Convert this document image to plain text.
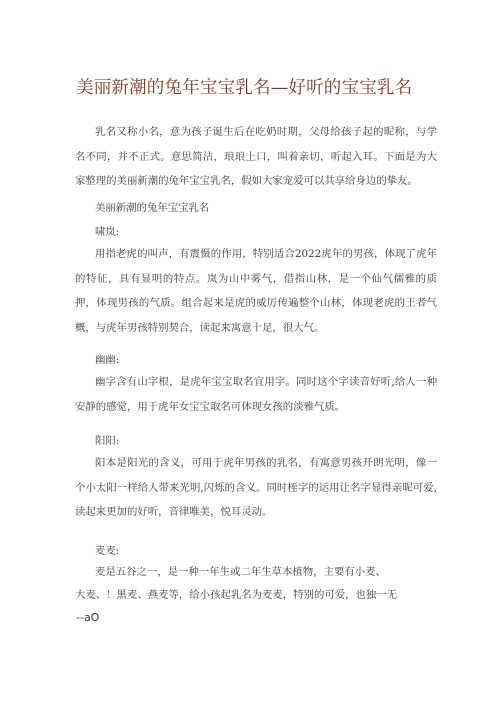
美丽新潮的兔年宝宝乳名—好听的宝宝乳名

乳名又称小名，意为孩子诞生后在吃奶时期，父母给孩子起的昵称，与学名不同，并不正式。意思简洁，琅琅上口，叫着亲切，听起入耳。下面是为大家整理的美丽新潮的兔年宝宝乳名，假如大家宠爱可以共享给身边的挚友。

美丽新潮的兔年宝宝乳名

啸岚:

用指老虎的叫声，有震慑的作用，特别适合2022虎年的男孩，体现了虎年的特征，具有显明的特点。岚为山中雾气，借指山林，是一个仙气儒雅的质押，体现男孩的气质。组合起来是虎的威厉传遍整个山林，体现老虎的王者气概，与虎年男孩特别契合，读起来寓意十足，很大气。

幽幽:

幽字含有山字根，是虎年宝宝取名宜用字。同时这个字读音好听,给人一种安静的感觉，用于虎年女宝宝取名可体现女孩的淡雅气质。

阳阳:

阳本是阳光的含义，可用于虎年男孩的乳名，有寓意男孩开朗光明，像一个小太阳一样给人带来光明,闪烁的含义。同时桎字的运用让名字显得亲昵可爱,读起来更加的好听，音律唯美，悦耳灵动。

麦麦:

麦是五谷之一，是一种一年生或二年生草本植物，主要有小麦、

大麦、！黑麦、燕麦等，给小孩起乳名为麦麦，特别的可爱，也独一无

--aO
